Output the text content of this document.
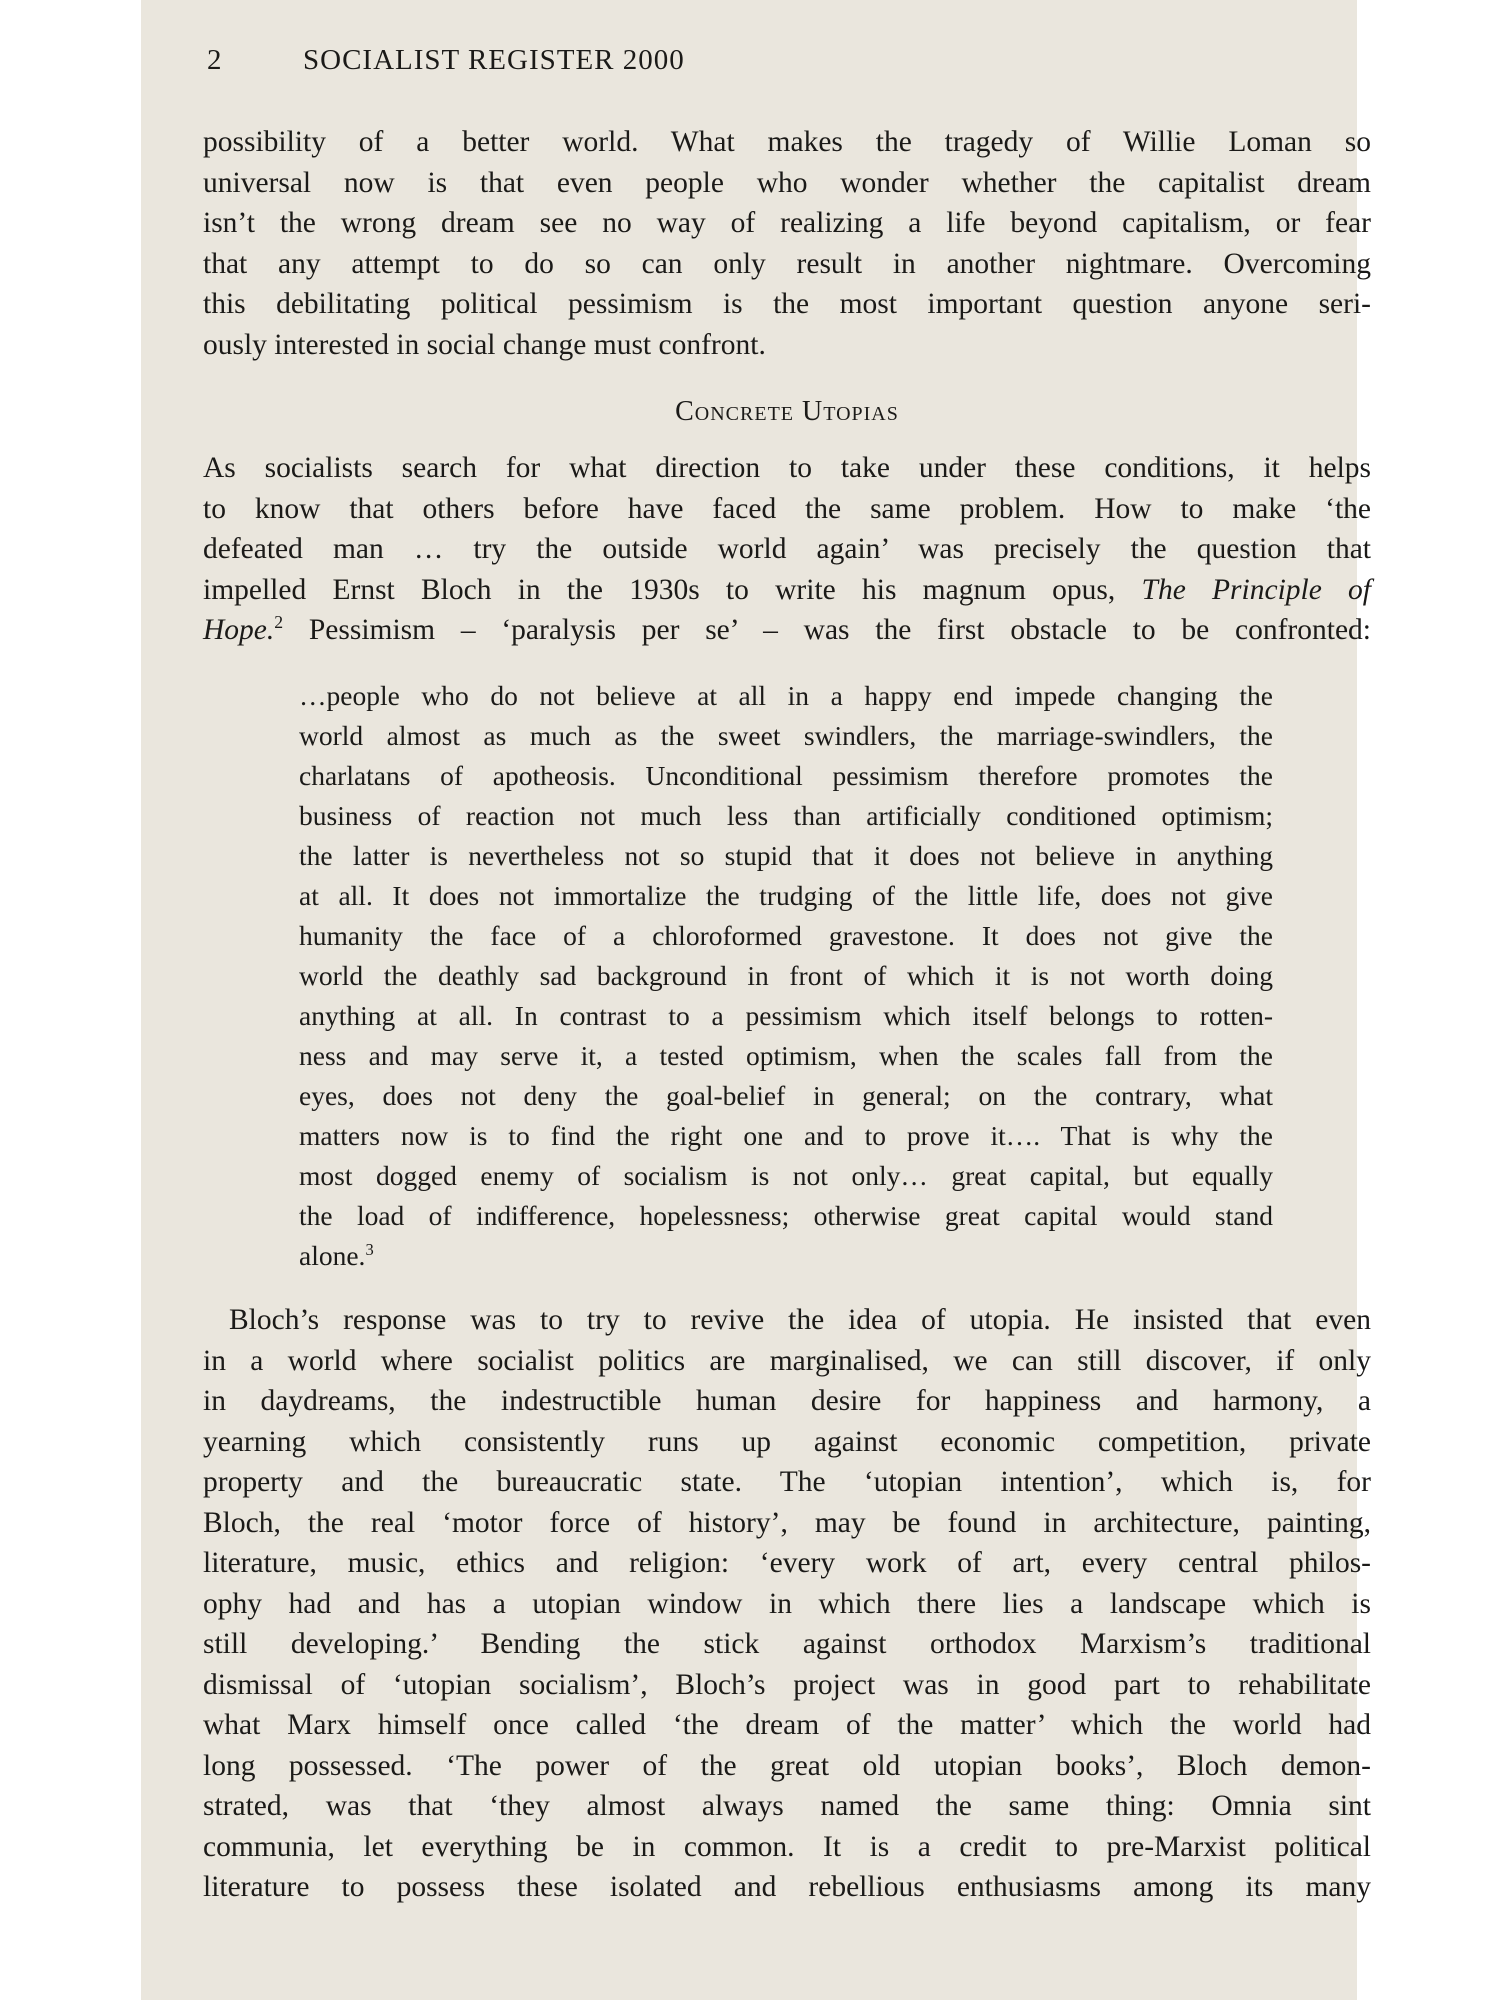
2	SOCIALIST REGISTER 2000
possibility of a better world. What makes the tragedy of Willie Loman so
universal now is that even people who wonder whether the capitalist dream
isn’t the wrong dream see no way of realizing a life beyond capitalism, or fear
that any attempt to do so can only result in another nightmare. Overcoming
this debilitating political pessimism is the most important question anyone seri-
ously interested in social change must confront.
Concrete Utopias
As socialists search for what direction to take under these conditions, it helps
to know that others before have faced the same problem. How to make ‘the
defeated man … try the outside world again’ was precisely the question that
impelled Ernst Bloch in the 1930s to write his magnum opus, The Principle of
Hope.$^2$ Pessimism – ‘paralysis per se’ – was the first obstacle to be confronted:
…people who do not believe at all in a happy end impede changing the
world almost as much as the sweet swindlers, the marriage-swindlers, the
charlatans of apotheosis. Unconditional pessimism therefore promotes the
business of reaction not much less than artificially conditioned optimism;
the latter is nevertheless not so stupid that it does not believe in anything
at all. It does not immortalize the trudging of the little life, does not give
humanity the face of a chloroformed gravestone. It does not give the
world the deathly sad background in front of which it is not worth doing
anything at all. In contrast to a pessimism which itself belongs to rotten-
ness and may serve it, a tested optimism, when the scales fall from the
eyes, does not deny the goal-belief in general; on the contrary, what
matters now is to find the right one and to prove it…. That is why the
most dogged enemy of socialism is not only… great capital, but equally
the load of indifference, hopelessness; otherwise great capital would stand
alone.$^3$
Bloch’s response was to try to revive the idea of utopia. He insisted that even
in a world where socialist politics are marginalised, we can still discover, if only
in daydreams, the indestructible human desire for happiness and harmony, a
yearning which consistently runs up against economic competition, private
property and the bureaucratic state. The ‘utopian intention’, which is, for
Bloch, the real ‘motor force of history’, may be found in architecture, painting,
literature, music, ethics and religion: ‘every work of art, every central philos-
ophy had and has a utopian window in which there lies a landscape which is
still developing.’ Bending the stick against orthodox Marxism’s traditional
dismissal of ‘utopian socialism’, Bloch’s project was in good part to rehabilitate
what Marx himself once called ‘the dream of the matter’ which the world had
long possessed. ‘The power of the great old utopian books’, Bloch demon-
strated, was that ‘they almost always named the same thing: Omnia sint
communia, let everything be in common. It is a credit to pre-Marxist political
literature to possess these isolated and rebellious enthusiasms among its many
